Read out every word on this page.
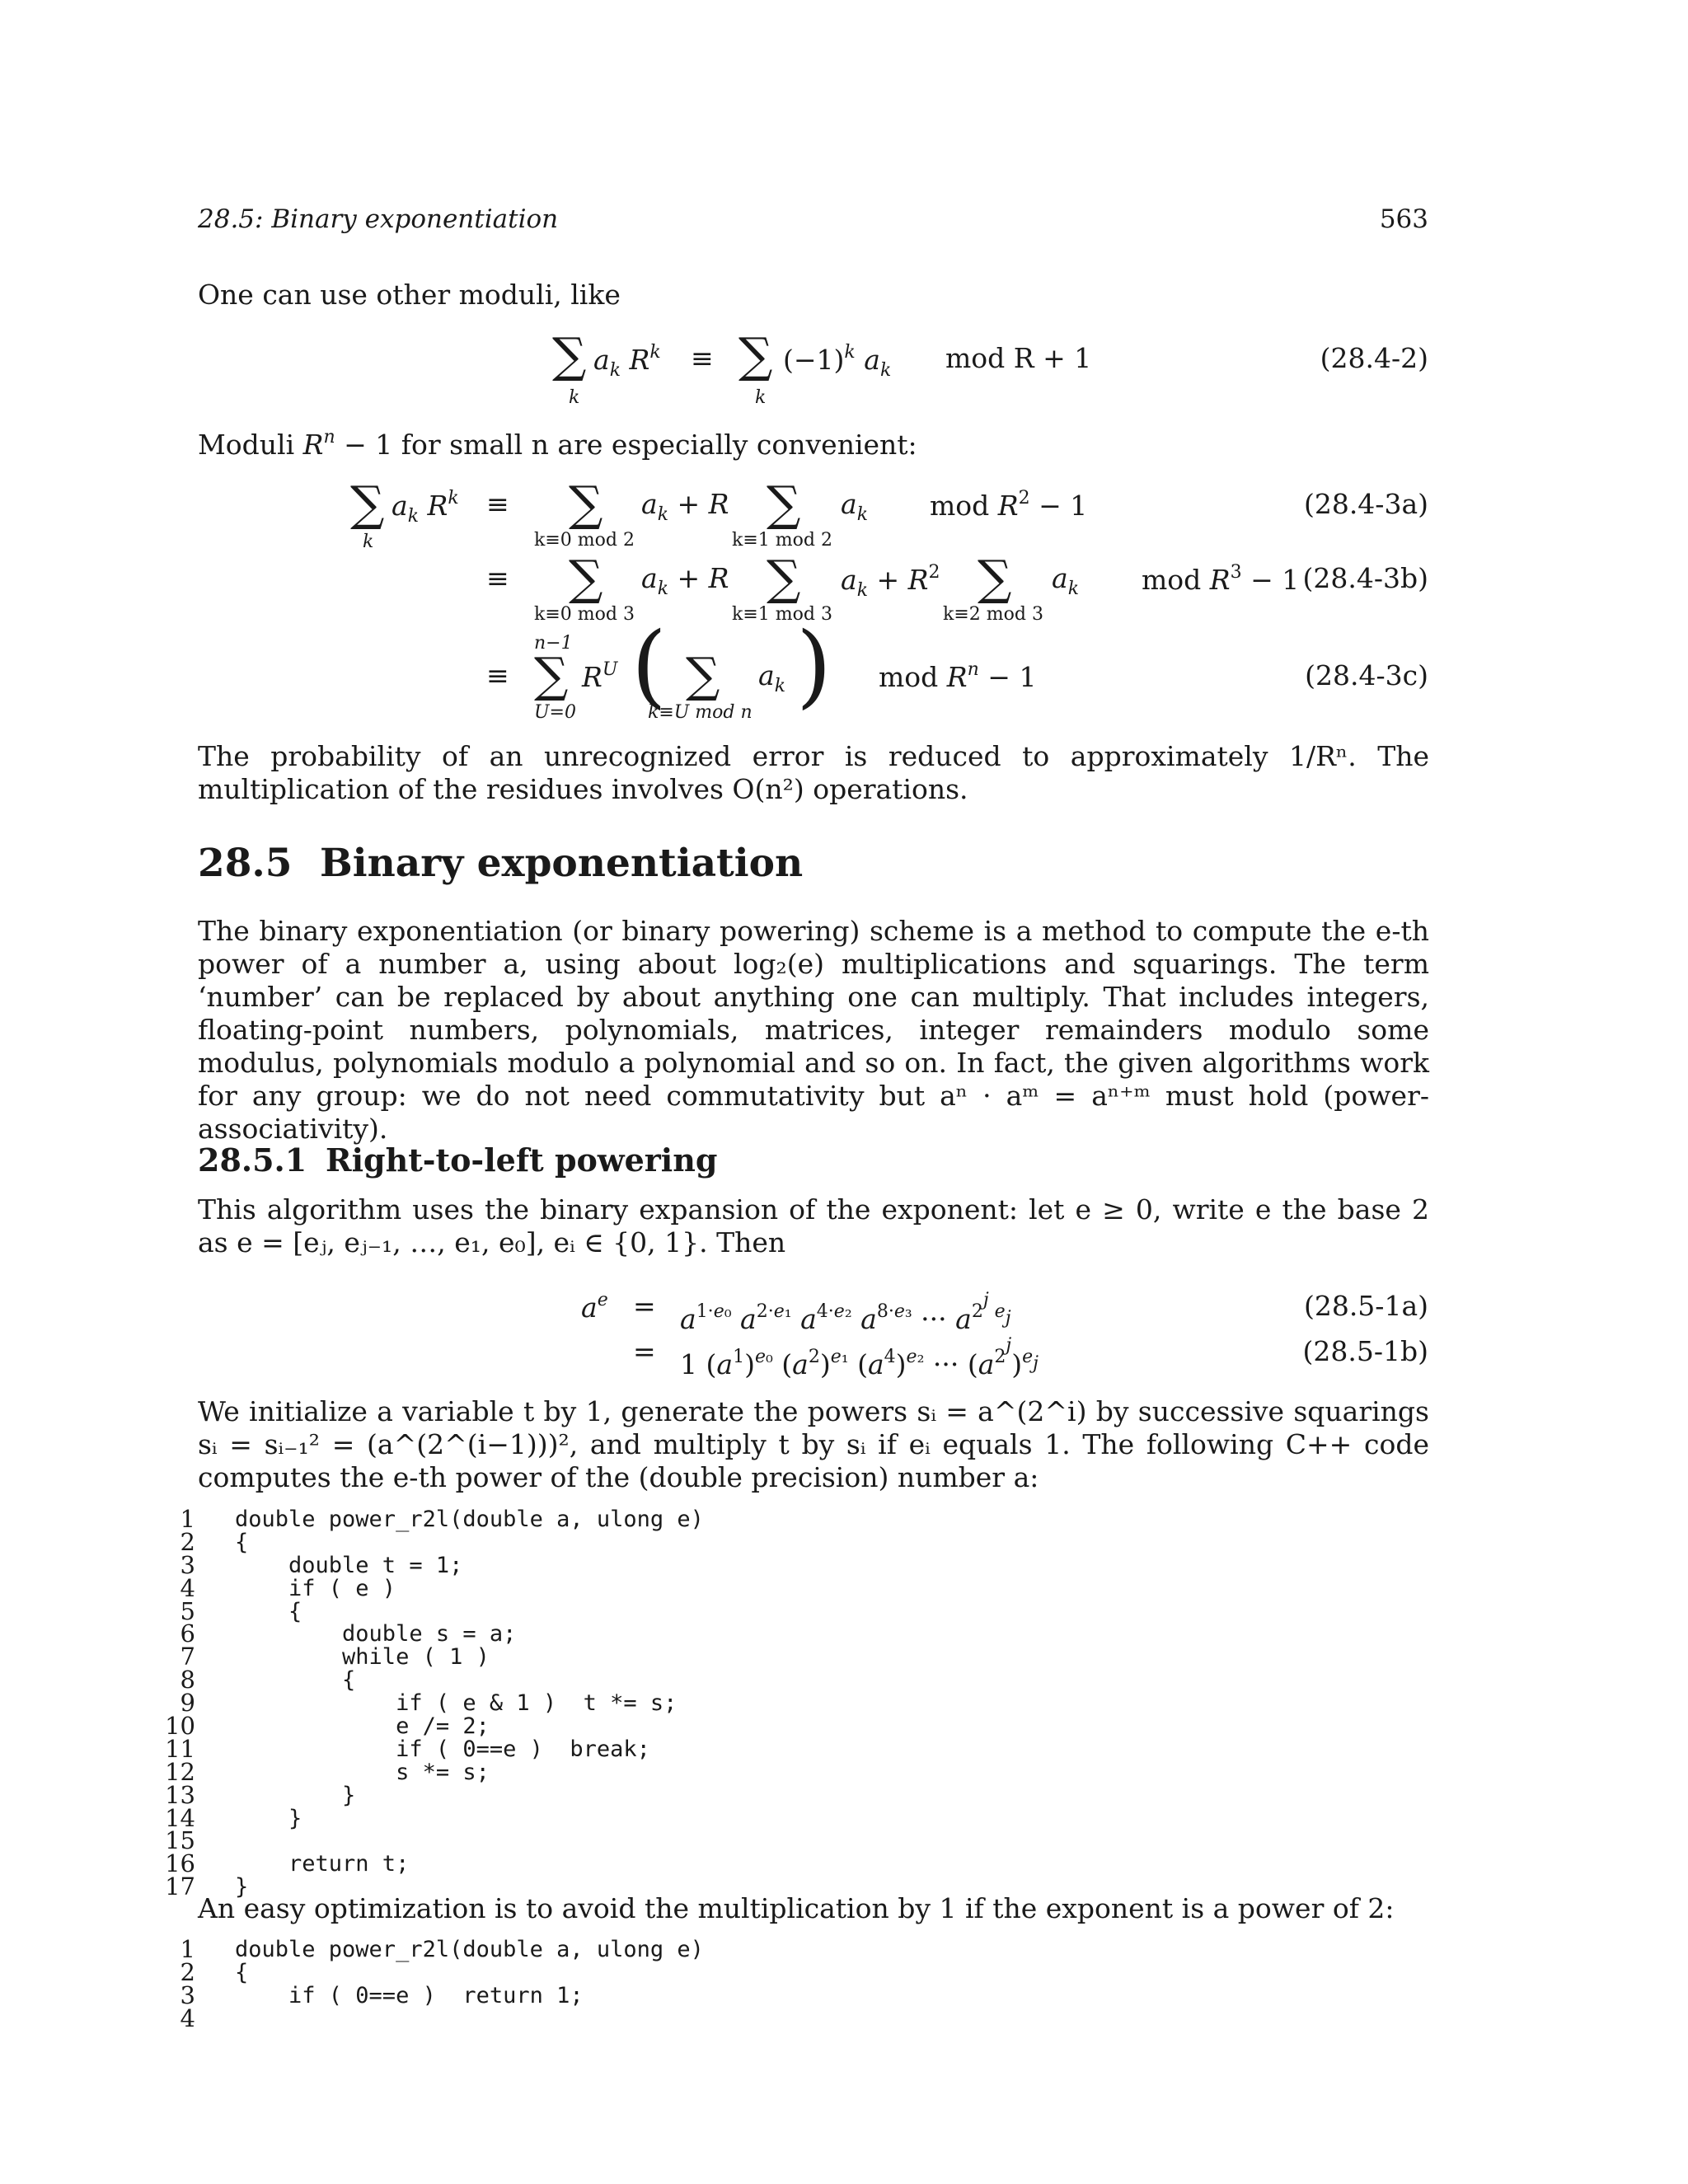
28.5: Binary exponentiation	563
One can use other moduli, like
∑ $a_k$ $R^k$
k
≡ ∑ $(-1)^k$ $a_k$
k
mod R + 1	(28.4-2)
Moduli $R^n - 1$ for small n are especially convenient:
∑ $a_k$ $R^k$
k
≡ ∑
k≡0 mod 2
$a_k + R$ ∑
k≡1 mod 2
$a_k$ mod $R^2 - 1$	(28.4-3a)
≡ ∑
k≡0 mod 3
$a_k + R$ ∑
k≡1 mod 3
$a_k + R^2$ ∑
k≡2 mod 3
$a_k$ mod $R^3 - 1$ (28.4-3b)
n−1
≡ ∑ $R^U$
U=0 ( ∑
k≡U mod n
$a_k$ ) mod $R^n - 1$	(28.4-3c)
The probability of an unrecognized error is reduced to approximately 1/Rⁿ. The multiplication of the residues involves O(n²) operations.
28.5 Binary exponentiation
The binary exponentiation (or binary powering) scheme is a method to compute the e-th power of a number a, using about log₂(e) multiplications and squarings. The term ‘number’ can be replaced by about anything one can multiply. That includes integers, floating-point numbers, polynomials, matrices, integer remainders modulo some modulus, polynomials modulo a polynomial and so on. In fact, the given algorithms work for any group: we do not need commutativity but aⁿ · aᵐ = aⁿ⁺ᵐ must hold (power-associativity).
28.5.1 Right-to-left powering
This algorithm uses the binary expansion of the exponent: let e ≥ 0, write e the base 2 as e = [eⱼ, eⱼ₋₁, …, e₁, e₀], eᵢ ∈ {0, 1}. Then
$a^e = a^{1\cdot e_0}$ $a^{2\cdot e_1}$ $a^{4\cdot e_2}$ $a^{8\cdot e_3}$ ··· $a^{2^j e_j}$	(28.5-1a)
= 1 $(a^1)^{e_0}$ $(a^2)^{e_1}$ $(a^4)^{e_2}$ ··· $(a^{2^j})^{e_j}$	(28.5-1b)
We initialize a variable t by 1, generate the powers sᵢ = a^(2^i) by successive squarings sᵢ = sᵢ₋₁² = (a^(2^(i−1)))², and multiply t by sᵢ if eᵢ equals 1. The following C++ code computes the e-th power of the (double precision) number a:
1 double power_r2l(double a, ulong e)
2 {
3 double t = 1;
4 if ( e )
5 {
6 double s = a;
7 while ( 1 )
8 {
9 if ( e & 1 )  t *= s;
10 e /= 2;
11 if ( 0==e )  break;
12 s *= s;
13 }
14 }
15
16 return t;
17 }
An easy optimization is to avoid the multiplication by 1 if the exponent is a power of 2:
1 double power_r2l(double a, ulong e)
2 {
3 if ( 0==e )  return 1;
4
